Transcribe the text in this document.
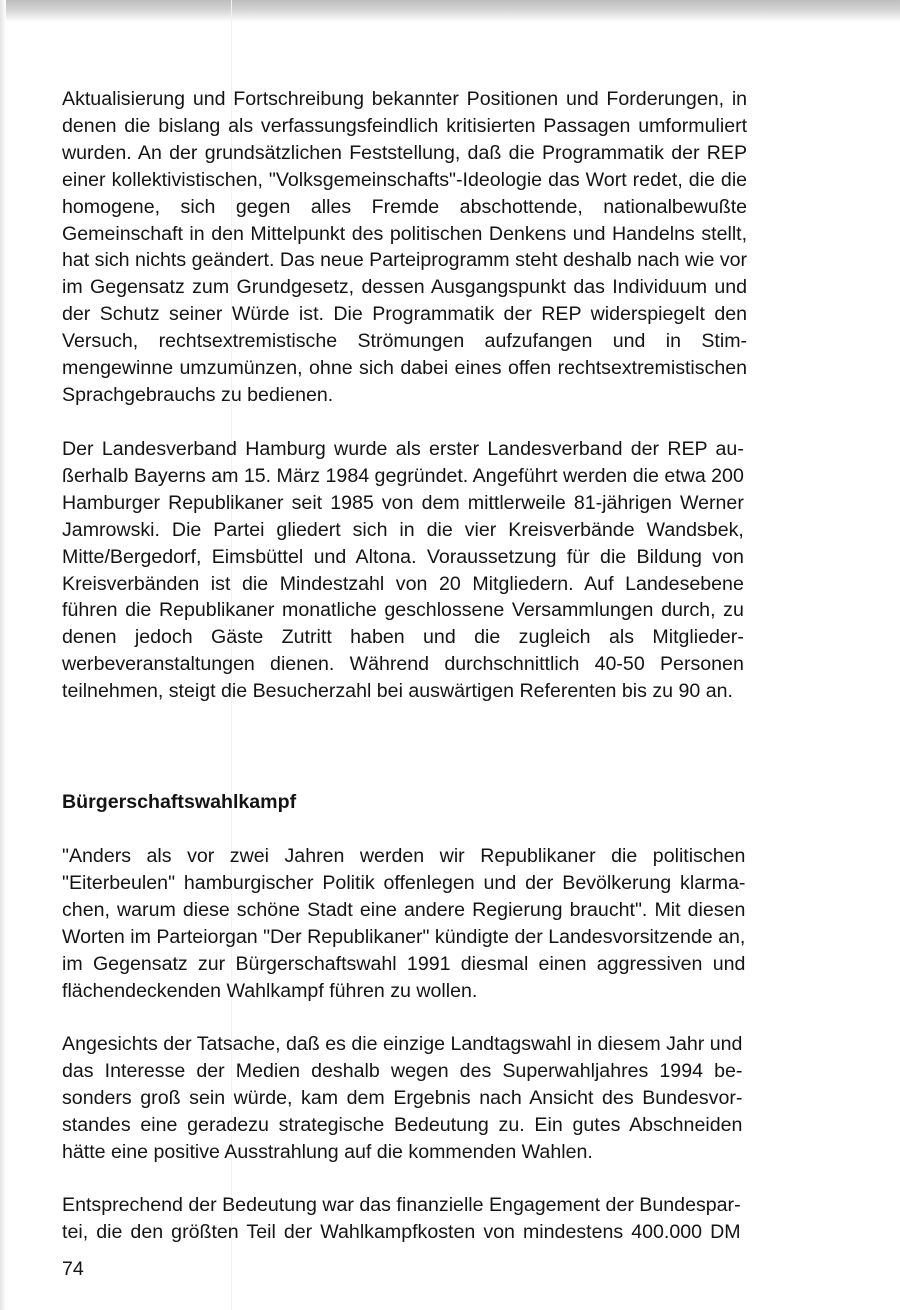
Aktualisierung und Fortschreibung bekannter Positionen und Forderungen, in
denen die bislang als verfassungsfeindlich kritisierten Passagen umformuliert
wurden. An der grundsätzlichen Feststellung, daß die Programmatik der REP
einer kollektivistischen, "Volksgemeinschafts"-Ideologie das Wort redet, die die
homogene, sich gegen alles Fremde abschottende, nationalbewußte
Gemeinschaft in den Mittelpunkt des politischen Denkens und Handelns stellt,
hat sich nichts geändert. Das neue Parteiprogramm steht deshalb nach wie vor
im Gegensatz zum Grundgesetz, dessen Ausgangspunkt das Individuum und
der Schutz seiner Würde ist. Die Programmatik der REP widerspiegelt den
Versuch, rechtsextremistische Strömungen aufzufangen und in Stim-
mengewinne umzumünzen, ohne sich dabei eines offen rechtsextremistischen
Sprachgebrauchs zu bedienen.
Der Landesverband Hamburg wurde als erster Landesverband der REP au-
ßerhalb Bayerns am 15. März 1984 gegründet. Angeführt werden die etwa 200
Hamburger Republikaner seit 1985 von dem mittlerweile 81-jährigen Werner
Jamrowski. Die Partei gliedert sich in die vier Kreisverbände Wandsbek,
Mitte/Bergedorf, Eimsbüttel und Altona. Voraussetzung für die Bildung von
Kreisverbänden ist die Mindestzahl von 20 Mitgliedern. Auf Landesebene
führen die Republikaner monatliche geschlossene Versammlungen durch, zu
denen jedoch Gäste Zutritt haben und die zugleich als Mitglieder-
werbeveranstaltungen dienen. Während durchschnittlich 40-50 Personen
teilnehmen, steigt die Besucherzahl bei auswärtigen Referenten bis zu 90 an.
Bürgerschaftswahlkampf
"Anders als vor zwei Jahren werden wir Republikaner die politischen
"Eiterbeulen" hamburgischer Politik offenlegen und der Bevölkerung klarma-
chen, warum diese schöne Stadt eine andere Regierung braucht". Mit diesen
Worten im Parteiorgan "Der Republikaner" kündigte der Landesvorsitzende an,
im Gegensatz zur Bürgerschaftswahl 1991 diesmal einen aggressiven und
flächendeckenden Wahlkampf führen zu wollen.
Angesichts der Tatsache, daß es die einzige Landtagswahl in diesem Jahr und
das Interesse der Medien deshalb wegen des Superwahljahres 1994 be-
sonders groß sein würde, kam dem Ergebnis nach Ansicht des Bundesvor-
standes eine geradezu strategische Bedeutung zu. Ein gutes Abschneiden
hätte eine positive Ausstrahlung auf die kommenden Wahlen.
Entsprechend der Bedeutung war das finanzielle Engagement der Bundespar-
tei, die den größten Teil der Wahlkampfkosten von mindestens 400.000 DM
74
